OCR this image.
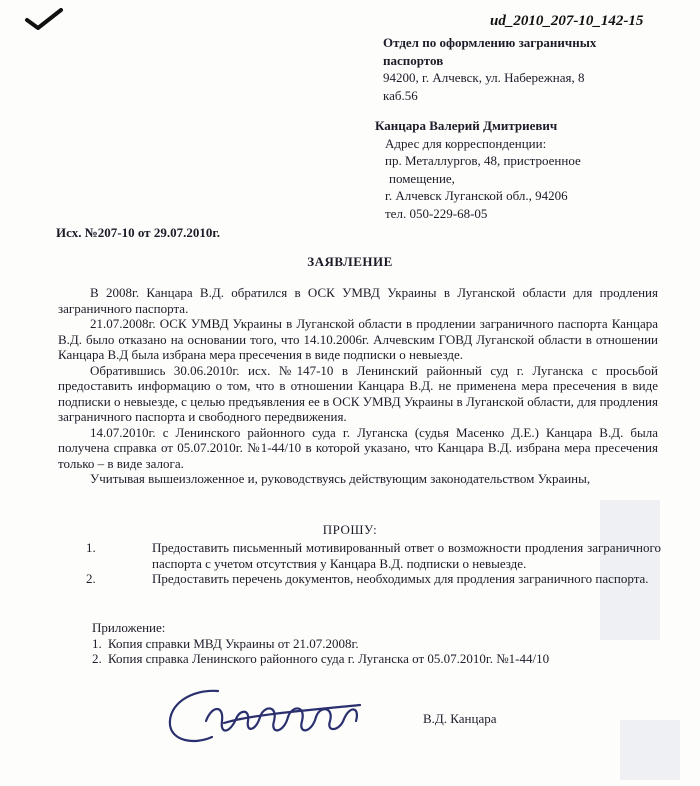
ud_2010_207-10_142-15
Отдел по оформлению заграничных
паспортов
94200, г. Алчевск, ул. Набережная, 8
каб.56
Канцара Валерий Дмитриевич
Адрес для корреспонденции:
пр. Металлургов, 48, пристроенное
помещение,
г. Алчевск Луганской обл., 94206
тел. 050-229-68-05
Исх. №207-10 от 29.07.2010г.
ЗАЯВЛЕНИЕ

В 2008г. Канцара В.Д. обратился в ОСК УМВД Украины в Луганской области для продления заграничного паспорта.

21.07.2008г. ОСК УМВД Украины в Луганской области в продлении заграничного паспорта Канцара В.Д. было отказано на основании того, что 14.10.2006г. Алчевским ГОВД Луганской области в отношении Канцара В.Д была избрана мера пресечения в виде подписки о невыезде.

Обратившись 30.06.2010г. исх. №147-10 в Ленинский районный суд г. Луганска с просьбой предоставить информацию о том, что в отношении Канцара В.Д. не применена мера пресечения в виде подписки о невыезде, с целью предъявления ее в ОСК УМВД Украины в Луганской области, для продления заграничного паспорта и свободного передвижения.

14.07.2010г. с Ленинского районного суда г. Луганска (судья Масенко Д.Е.) Канцара В.Д. была получена справка от 05.07.2010г. №1-44/10 в которой указано, что Канцара В.Д. избрана мера пресечения только – в виде залога.

Учитывая вышеизложенное и, руководствуясь действующим законодательством Украины,

ПРОШУ:
1.	Предоставить письменный мотивированный ответ о возможности продления заграничного паспорта с учетом отсутствия у Канцара В.Д. подписки о невыезде.
2.	Предоставить перечень документов, необходимых для продления заграничного паспорта.
Приложение:
1. Копия справки МВД Украины от 21.07.2008г.
2. Копия справка Ленинского районного суда г. Луганска от 05.07.2010г. №1-44/10
В.Д. Канцара
